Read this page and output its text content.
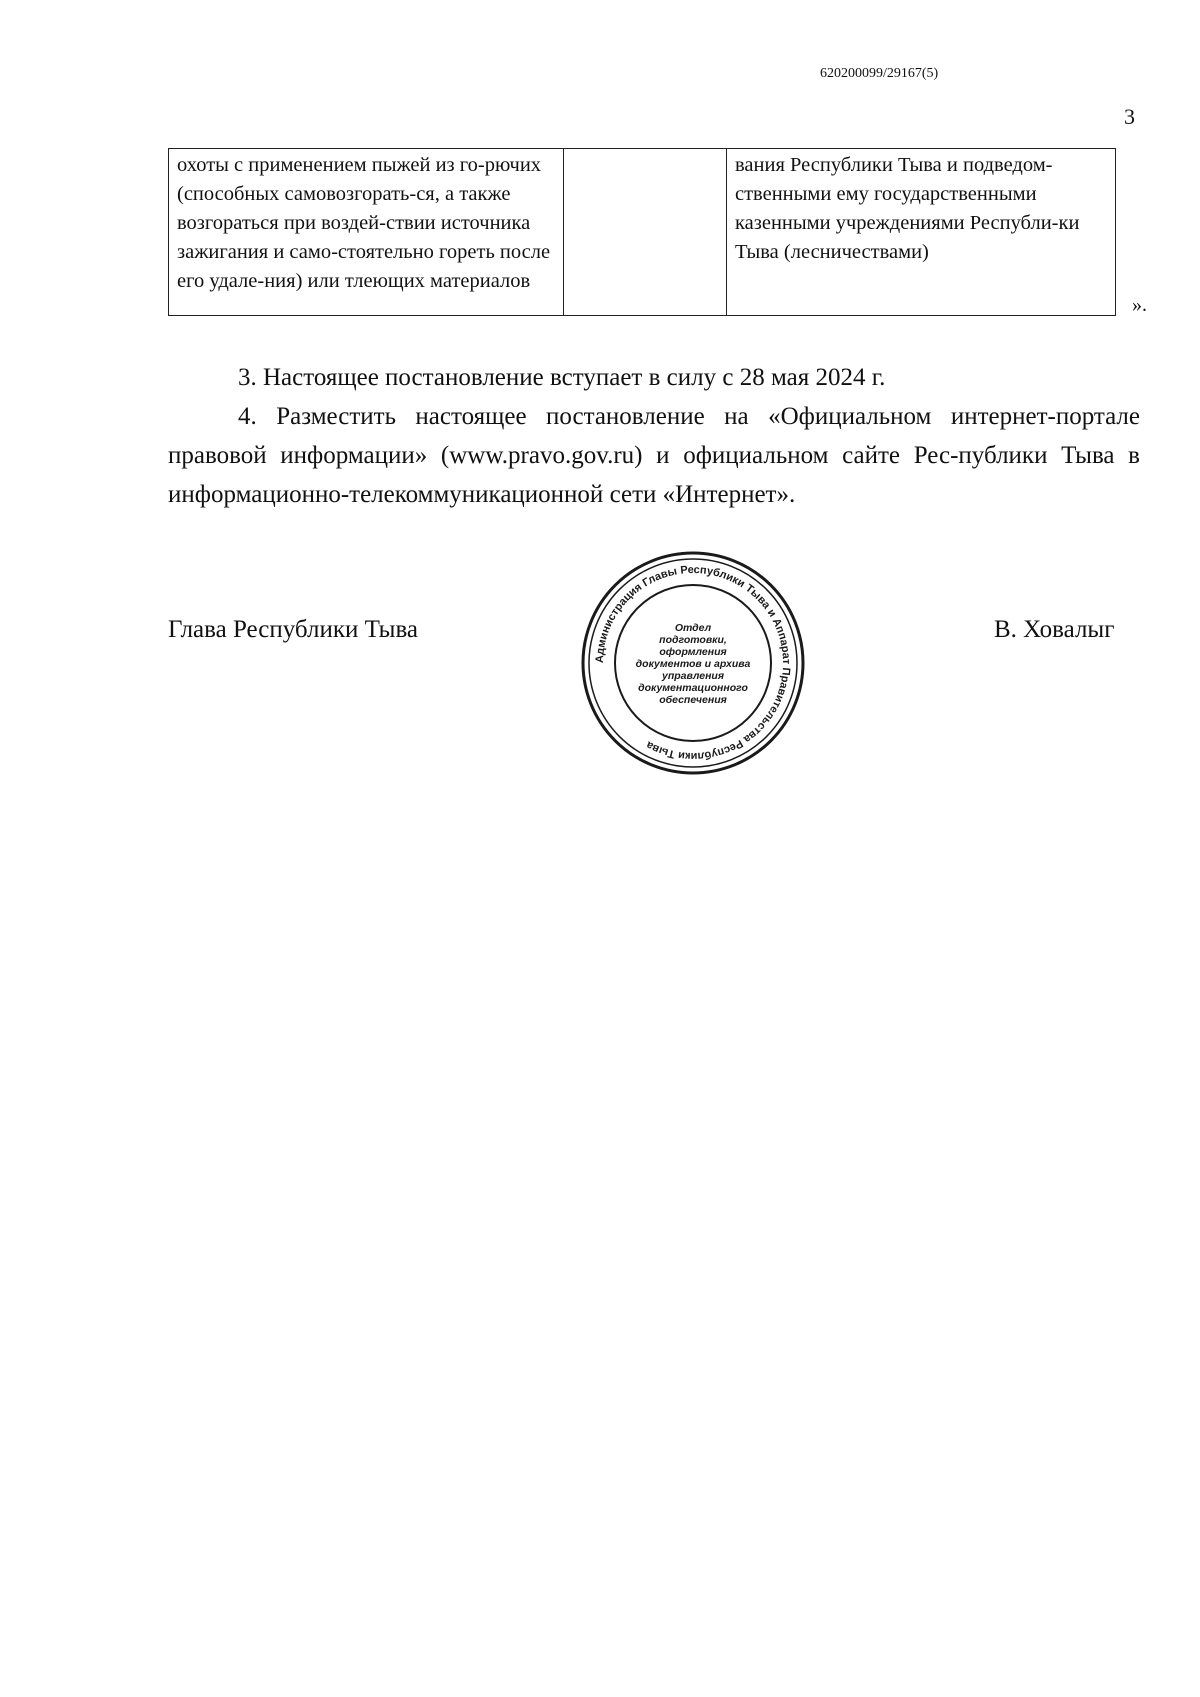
620200099/29167(5)
3
охоты с применением пыжей из го-рючих (способных самовозгорать-ся, а также возгораться при воздей-ствии источника зажигания и само-стоятельно гореть после его удале-ния) или тлеющих материалов		вания Республики Тыва и подведом-ственными ему государственными казенными учреждениями Республи-ки Тыва (лесничествами)
».

3. Настоящее постановление вступает в силу с 28 мая 2024 г.

4. Разместить настоящее постановление на «Официальном интернет-портале правовой информации» (www.pravo.gov.ru) и официальном сайте Рес-публики Тыва в информационно-телекоммуникационной сети «Интернет».

Глава Республики Тыва	В. Ховалыг
Администрация Главы Республики Тыва и Аппарат Правительства Республики Тыва
Отдел
подготовки,
оформления
документов и архива
управления
документационного
обеспечения
